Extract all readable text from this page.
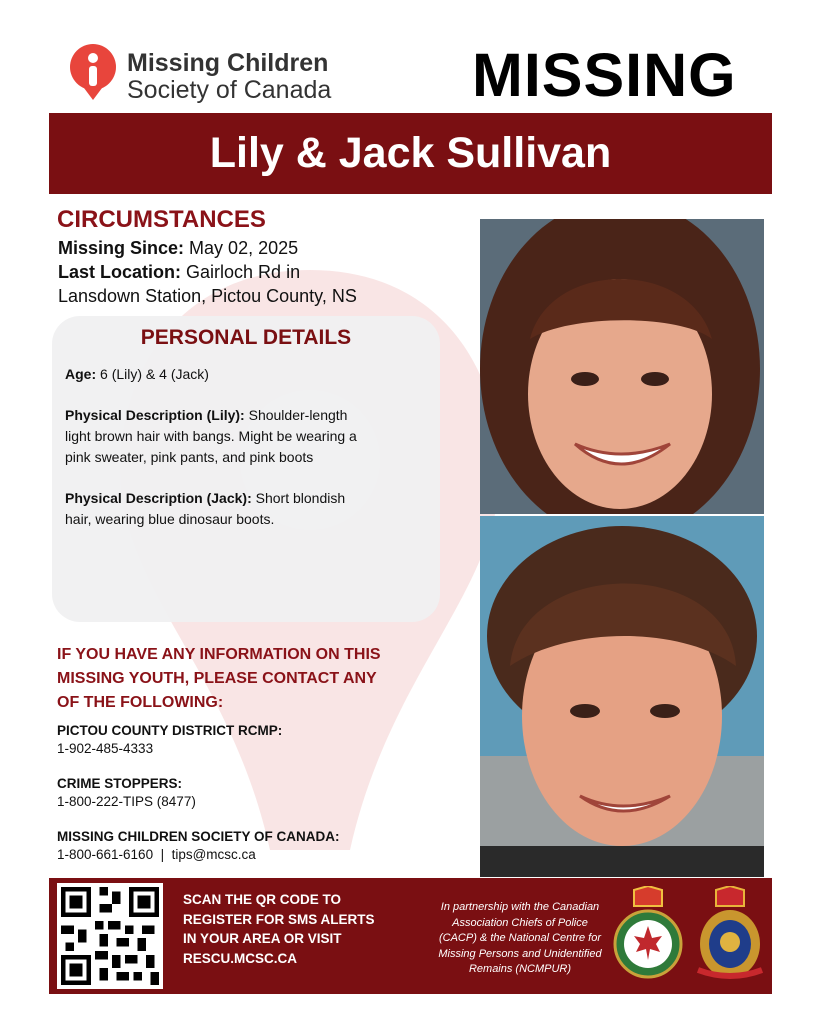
Missing Children
Society of Canada MISSING
Lily & Jack Sullivan
CIRCUMSTANCES
Missing Since: May 02, 2025
Last Location: Gairloch Rd in
Lansdown Station, Pictou County, NS
PERSONAL DETAILS
Age: 6 (Lily) & 4 (Jack)
Physical Description (Lily): Shoulder-length
light brown hair with bangs. Might be wearing a
pink sweater, pink pants, and pink boots
Physical Description (Jack): Short blondish
hair, wearing blue dinosaur boots.
IF YOU HAVE ANY INFORMATION ON THIS
MISSING YOUTH, PLEASE CONTACT ANY
OF THE FOLLOWING:
PICTOU COUNTY DISTRICT RCMP:
1-902-485-4333
CRIME STOPPERS:
1-800-222-TIPS (8477)
MISSING CHILDREN SOCIETY OF CANADA:
1-800-661-6160  |  tips@mcsc.ca
SCAN THE QR CODE TO
REGISTER FOR SMS ALERTS
IN YOUR AREA OR VISIT
RESCU.MCSC.CA
In partnership with the Canadian
Association Chiefs of Police
(CACP) & the National Centre for
Missing Persons and Unidentified
Remains (NCMPUR)
